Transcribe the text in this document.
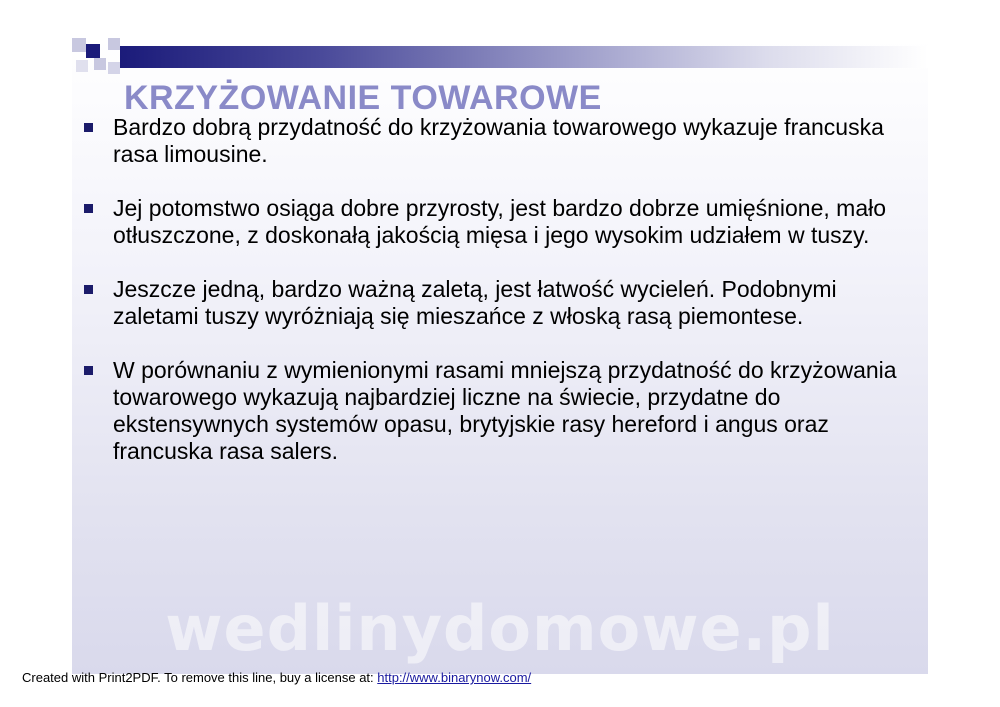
KRZYŻOWANIE TOWAROWE
Bardzo dobrą przydatność do krzyżowania towarowego wykazuje francuska rasa limousine.
Jej potomstwo osiąga dobre przyrosty, jest bardzo dobrze umięśnione, mało otłuszczone, z doskonałą jakością mięsa i jego wysokim udziałem w tuszy.
Jeszcze jedną, bardzo ważną zaletą, jest łatwość wycieleń. Podobnymi zaletami tuszy wyróżniają się mieszańce z włoską rasą piemontese.
W porównaniu z wymienionymi rasami mniejszą przydatność do krzyżowania towarowego wykazują najbardziej liczne na świecie, przydatne do ekstensywnych systemów opasu, brytyjskie rasy hereford i angus oraz francuska rasa salers.
wedlinydomowe.pl
Created with Print2PDF. To remove this line, buy a license at: http://www.binarynow.com/
